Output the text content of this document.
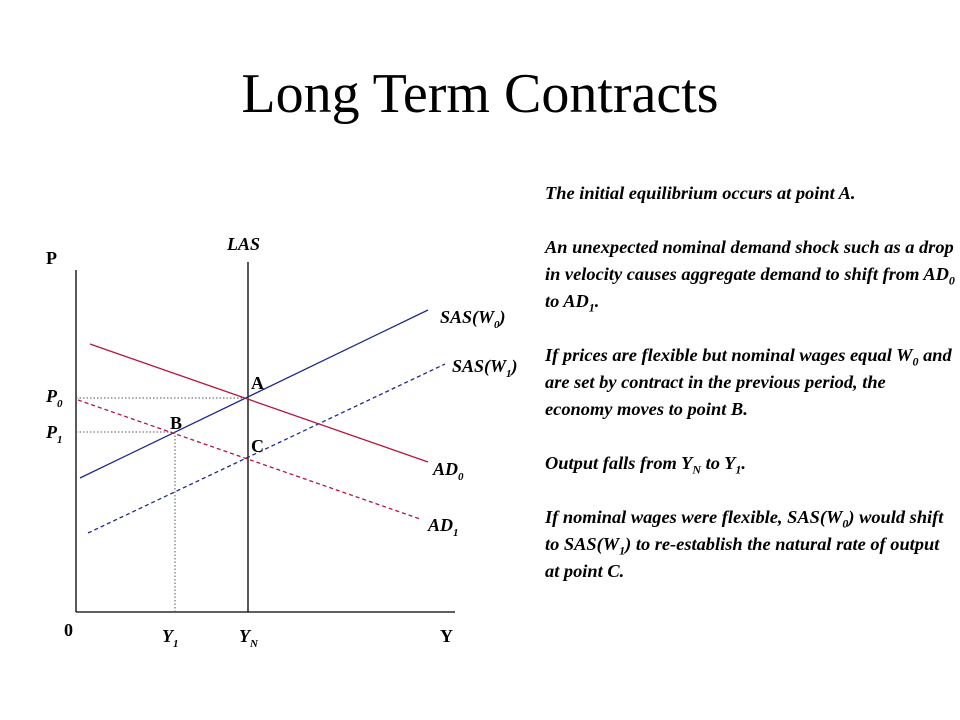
Long Term Contracts
P
LAS
$SAS(W_0)$
$SAS(W_1)$
$AD_0$
$AD_1$
A
B
C
$P_0$
$P_1$
0	$Y_1$	$Y_N$	Y

The initial equilibrium occurs at point A.

An unexpected nominal demand shock such as a drop in velocity causes aggregate demand to shift from $AD_0$ to $AD_1$.

If prices are flexible but nominal wages equal $W_0$ and are set by contract in the previous period, the economy moves to point B.

Output falls from $Y_N$ to $Y_1$.

If nominal wages were flexible, $SAS(W_0)$ would shift to $SAS(W_1)$ to re-establish the natural rate of output at point C.
